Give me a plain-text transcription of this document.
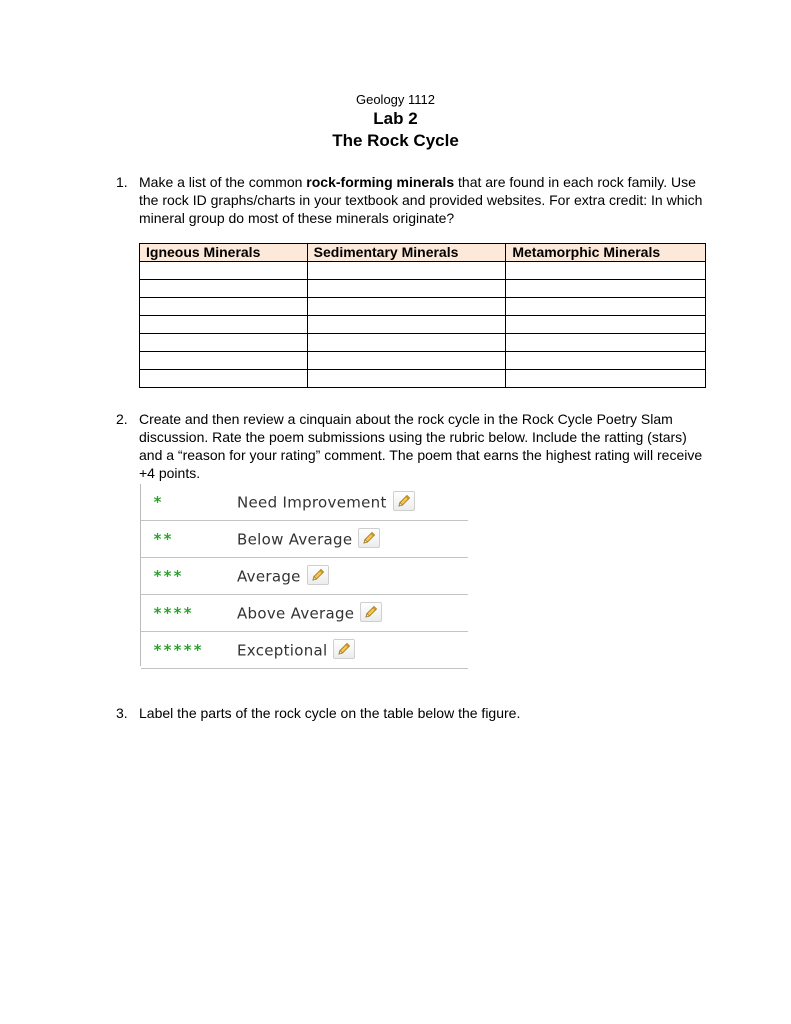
Geology 1112
Lab 2
The Rock Cycle
1. Make a list of the common rock-forming minerals that are found in each rock family. Use the rock ID graphs/charts in your textbook and provided websites. For extra credit: In which mineral group do most of these minerals originate?
Igneous Minerals	Sedimentary Minerals	Metamorphic Minerals

2. Create and then review a cinquain about the rock cycle in the Rock Cycle Poetry Slam discussion. Rate the poem submissions using the rubric below. Include the ratting (stars) and a “reason for your rating” comment. The poem that earns the highest rating will receive +4 points.
*	Need Improvement
**	Below Average
***	Average
****	Above Average
***** Exceptional
3. Label the parts of the rock cycle on the table below the figure.
